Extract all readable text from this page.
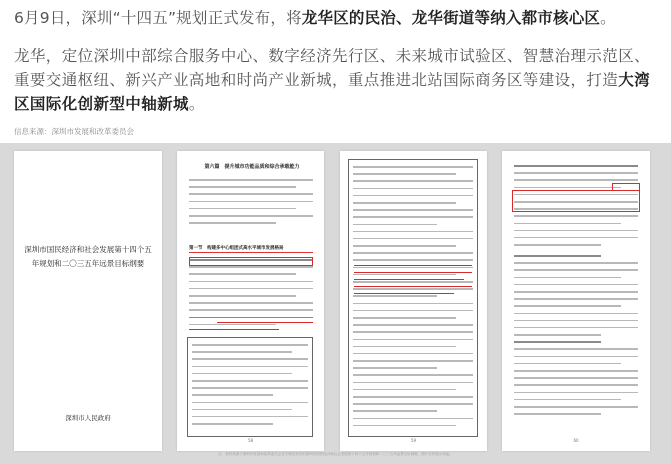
6月9日，深圳“十四五”规划正式发布，将龙华区的民治、龙华街道等纳入都市核心区。
龙华，定位深圳中部综合服务中心、数字经济先行区、未来城市试验区、智慧治理示范区、重要交通枢纽、新兴产业高地和时尚产业新城，重点推进北站国际商务区等建设，打造大湾区国际化创新型中轴新城。
信息来源：深圳市发展和改革委员会
深圳市国民经济和社会发展第十四个五年规划和二〇三五年远景目标纲要
深圳市人民政府
第六篇　提升城市功能品质和综合承载能力
第一节　构建多中心组团式高水平城市发展格局
58	59	60
注：资料来源于深圳市发展和改革委员会官方网站发布的深圳市国民经济和社会发展第十四个五年规划和二〇三五年远景目标纲要，图片仅作展示用途。
